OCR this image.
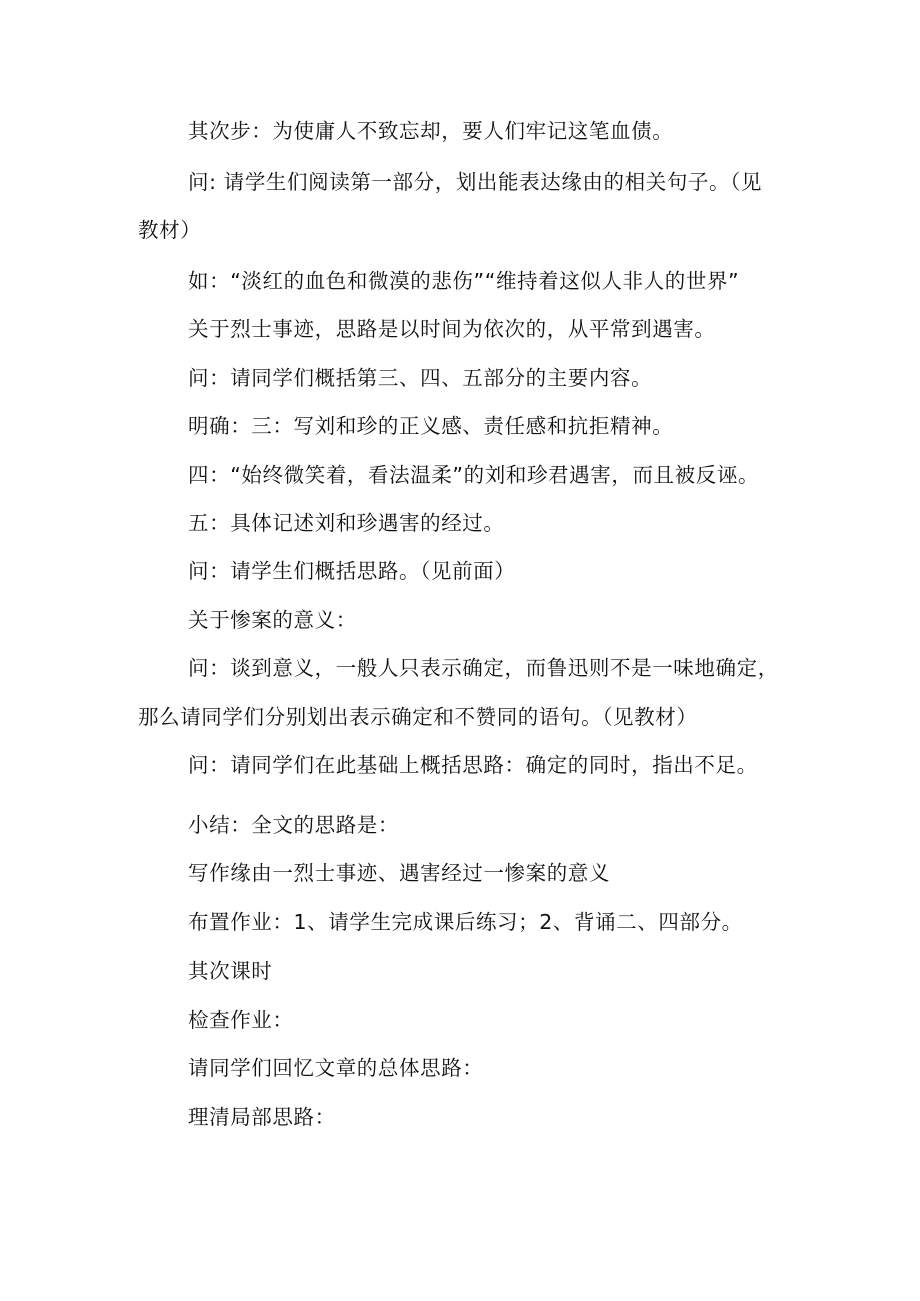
其次步：为使庸人不致忘却，要人们牢记这笔血债。
问: 请学生们阅读第一部分，划出能表达缘由的相关句子。（见
教材）
如：“淡红的血色和微漠的悲伤”“维持着这似人非人的世界”
关于烈士事迹，思路是以时间为依次的，从平常到遇害。
问：请同学们概括第三、四、五部分的主要内容。
明确：三：写刘和珍的正义感、责任感和抗拒精神。
四：“始终微笑着，看法温柔”的刘和珍君遇害，而且被反诬。
五：具体记述刘和珍遇害的经过。
问：请学生们概括思路。（见前面）
关于惨案的意义：
问：谈到意义，一般人只表示确定，而鲁迅则不是一味地确定，
那么请同学们分别划出表示确定和不赞同的语句。（见教材）
问：请同学们在此基础上概括思路：确定的同时，指出不足。
小结：全文的思路是：
写作缘由一烈士事迹、遇害经过一惨案的意义
布置作业：1、请学生完成课后练习；2、背诵二、四部分。
其次课时
检查作业：
请同学们回忆文章的总体思路：
理清局部思路：
